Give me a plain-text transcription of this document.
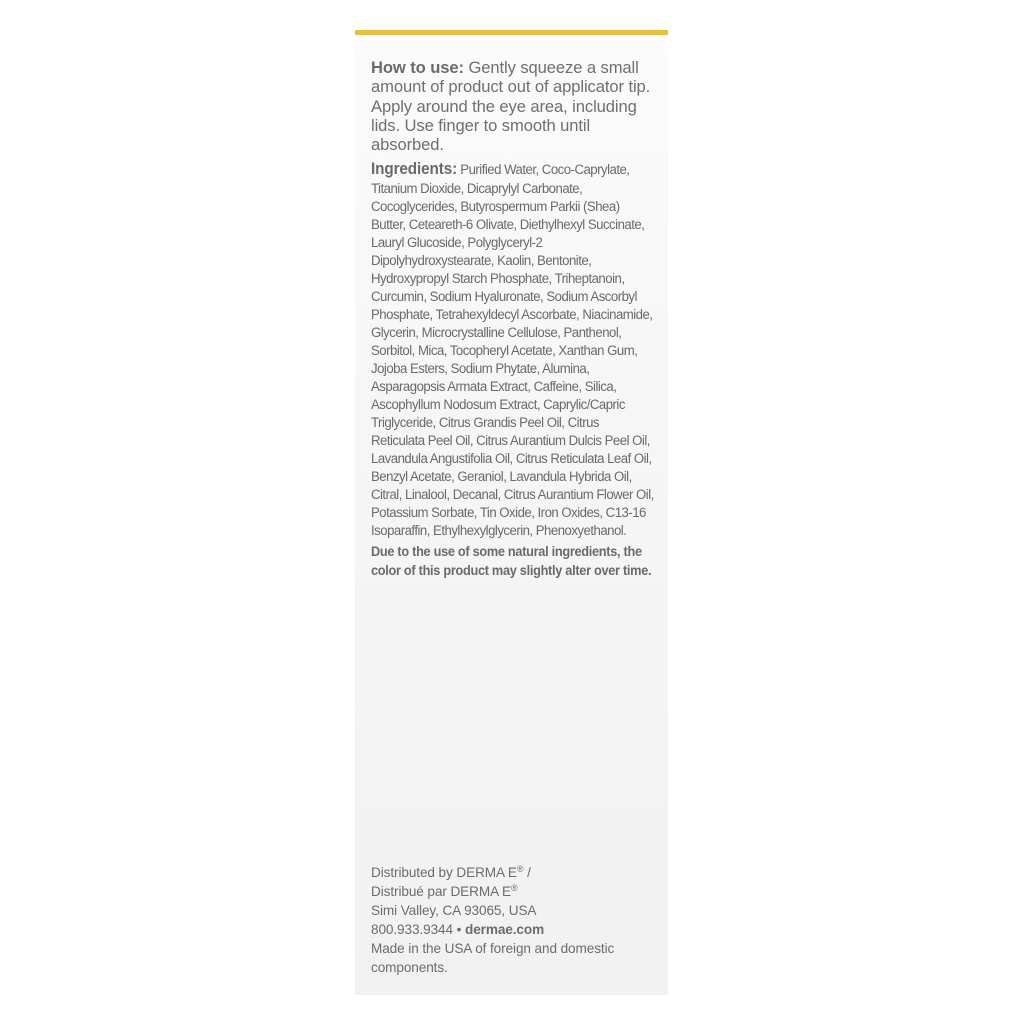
How to use: Gently squeeze a small amount of product out of applicator tip. Apply around the eye area, including lids. Use finger to smooth until absorbed.

Ingredients: Purified Water, Coco-Caprylate, Titanium Dioxide, Dicaprylyl Carbonate, Cocoglycerides, Butyrospermum Parkii (Shea) Butter, Ceteareth-6 Olivate, Diethylhexyl Succinate, Lauryl Glucoside, Polyglyceryl-2 Dipolyhydroxystearate, Kaolin, Bentonite, Hydroxypropyl Starch Phosphate, Triheptanoin, Curcumin, Sodium Hyaluronate, Sodium Ascorbyl Phosphate, Tetrahexyldecyl Ascorbate, Niacinamide, Glycerin, Microcrystalline Cellulose, Panthenol, Sorbitol, Mica, Tocopheryl Acetate, Xanthan Gum, Jojoba Esters, Sodium Phytate, Alumina, Asparagopsis Armata Extract, Caffeine, Silica, Ascophyllum Nodosum Extract, Caprylic/Capric Triglyceride, Citrus Grandis Peel Oil, Citrus Reticulata Peel Oil, Citrus Aurantium Dulcis Peel Oil, Lavandula Angustifolia Oil, Citrus Reticulata Leaf Oil, Benzyl Acetate, Geraniol, Lavandula Hybrida Oil, Citral, Linalool, Decanal, Citrus Aurantium Flower Oil, Potassium Sorbate, Tin Oxide, Iron Oxides, C13-16 Isoparaffin, Ethylhexylglycerin, Phenoxyethanol.

Due to the use of some natural ingredients, the color of this product may slightly alter over time.

Distributed by DERMA E® /
Distribué par DERMA E®
Simi Valley, CA 93065, USA
800.933.9344 • dermae.com
Made in the USA of foreign and domestic
components.
